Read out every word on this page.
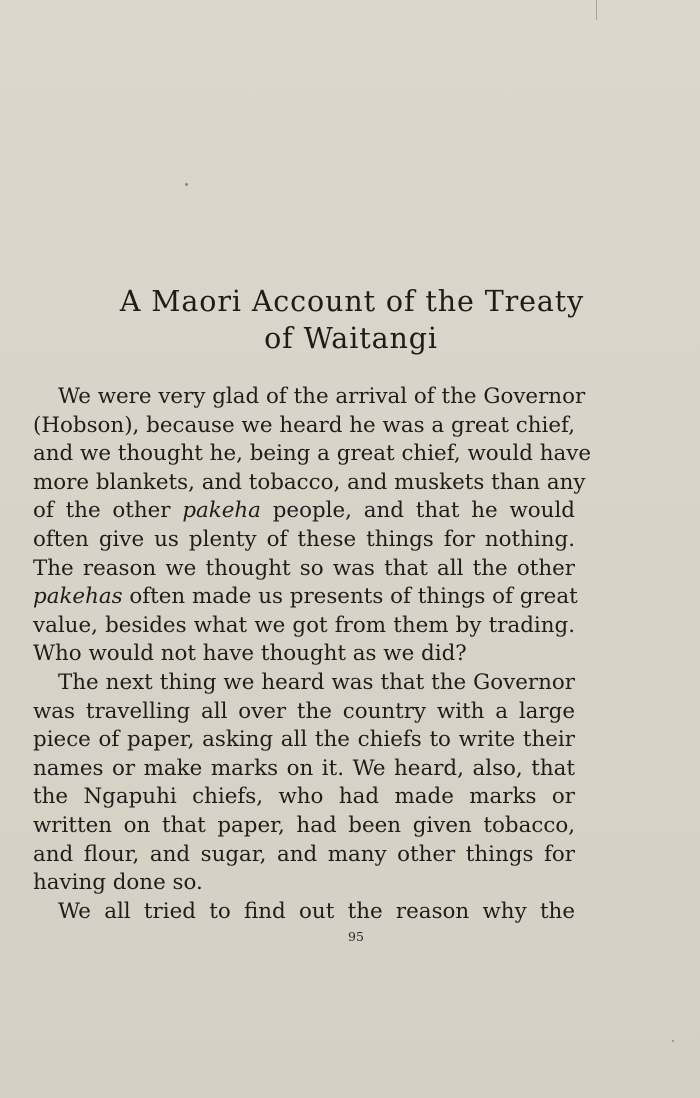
A Maori Account of the Treaty
of Waitangi
We were very glad of the arrival of the Governor
(Hobson), because we heard he was a great chief,
and we thought he, being a great chief, would have
more blankets, and tobacco, and muskets than any
of the other pakeha people, and that he would
often give us plenty of these things for nothing.
The reason we thought so was that all the other
pakehas often made us presents of things of great
value, besides what we got from them by trading.
Who would not have thought as we did?
The next thing we heard was that the Governor
was travelling all over the country with a large
piece of paper, asking all the chiefs to write their
names or make marks on it. We heard, also, that
the Ngapuhi chiefs, who had made marks or
written on that paper, had been given tobacco,
and flour, and sugar, and many other things for
having done so.
We all tried to find out the reason why the
95
